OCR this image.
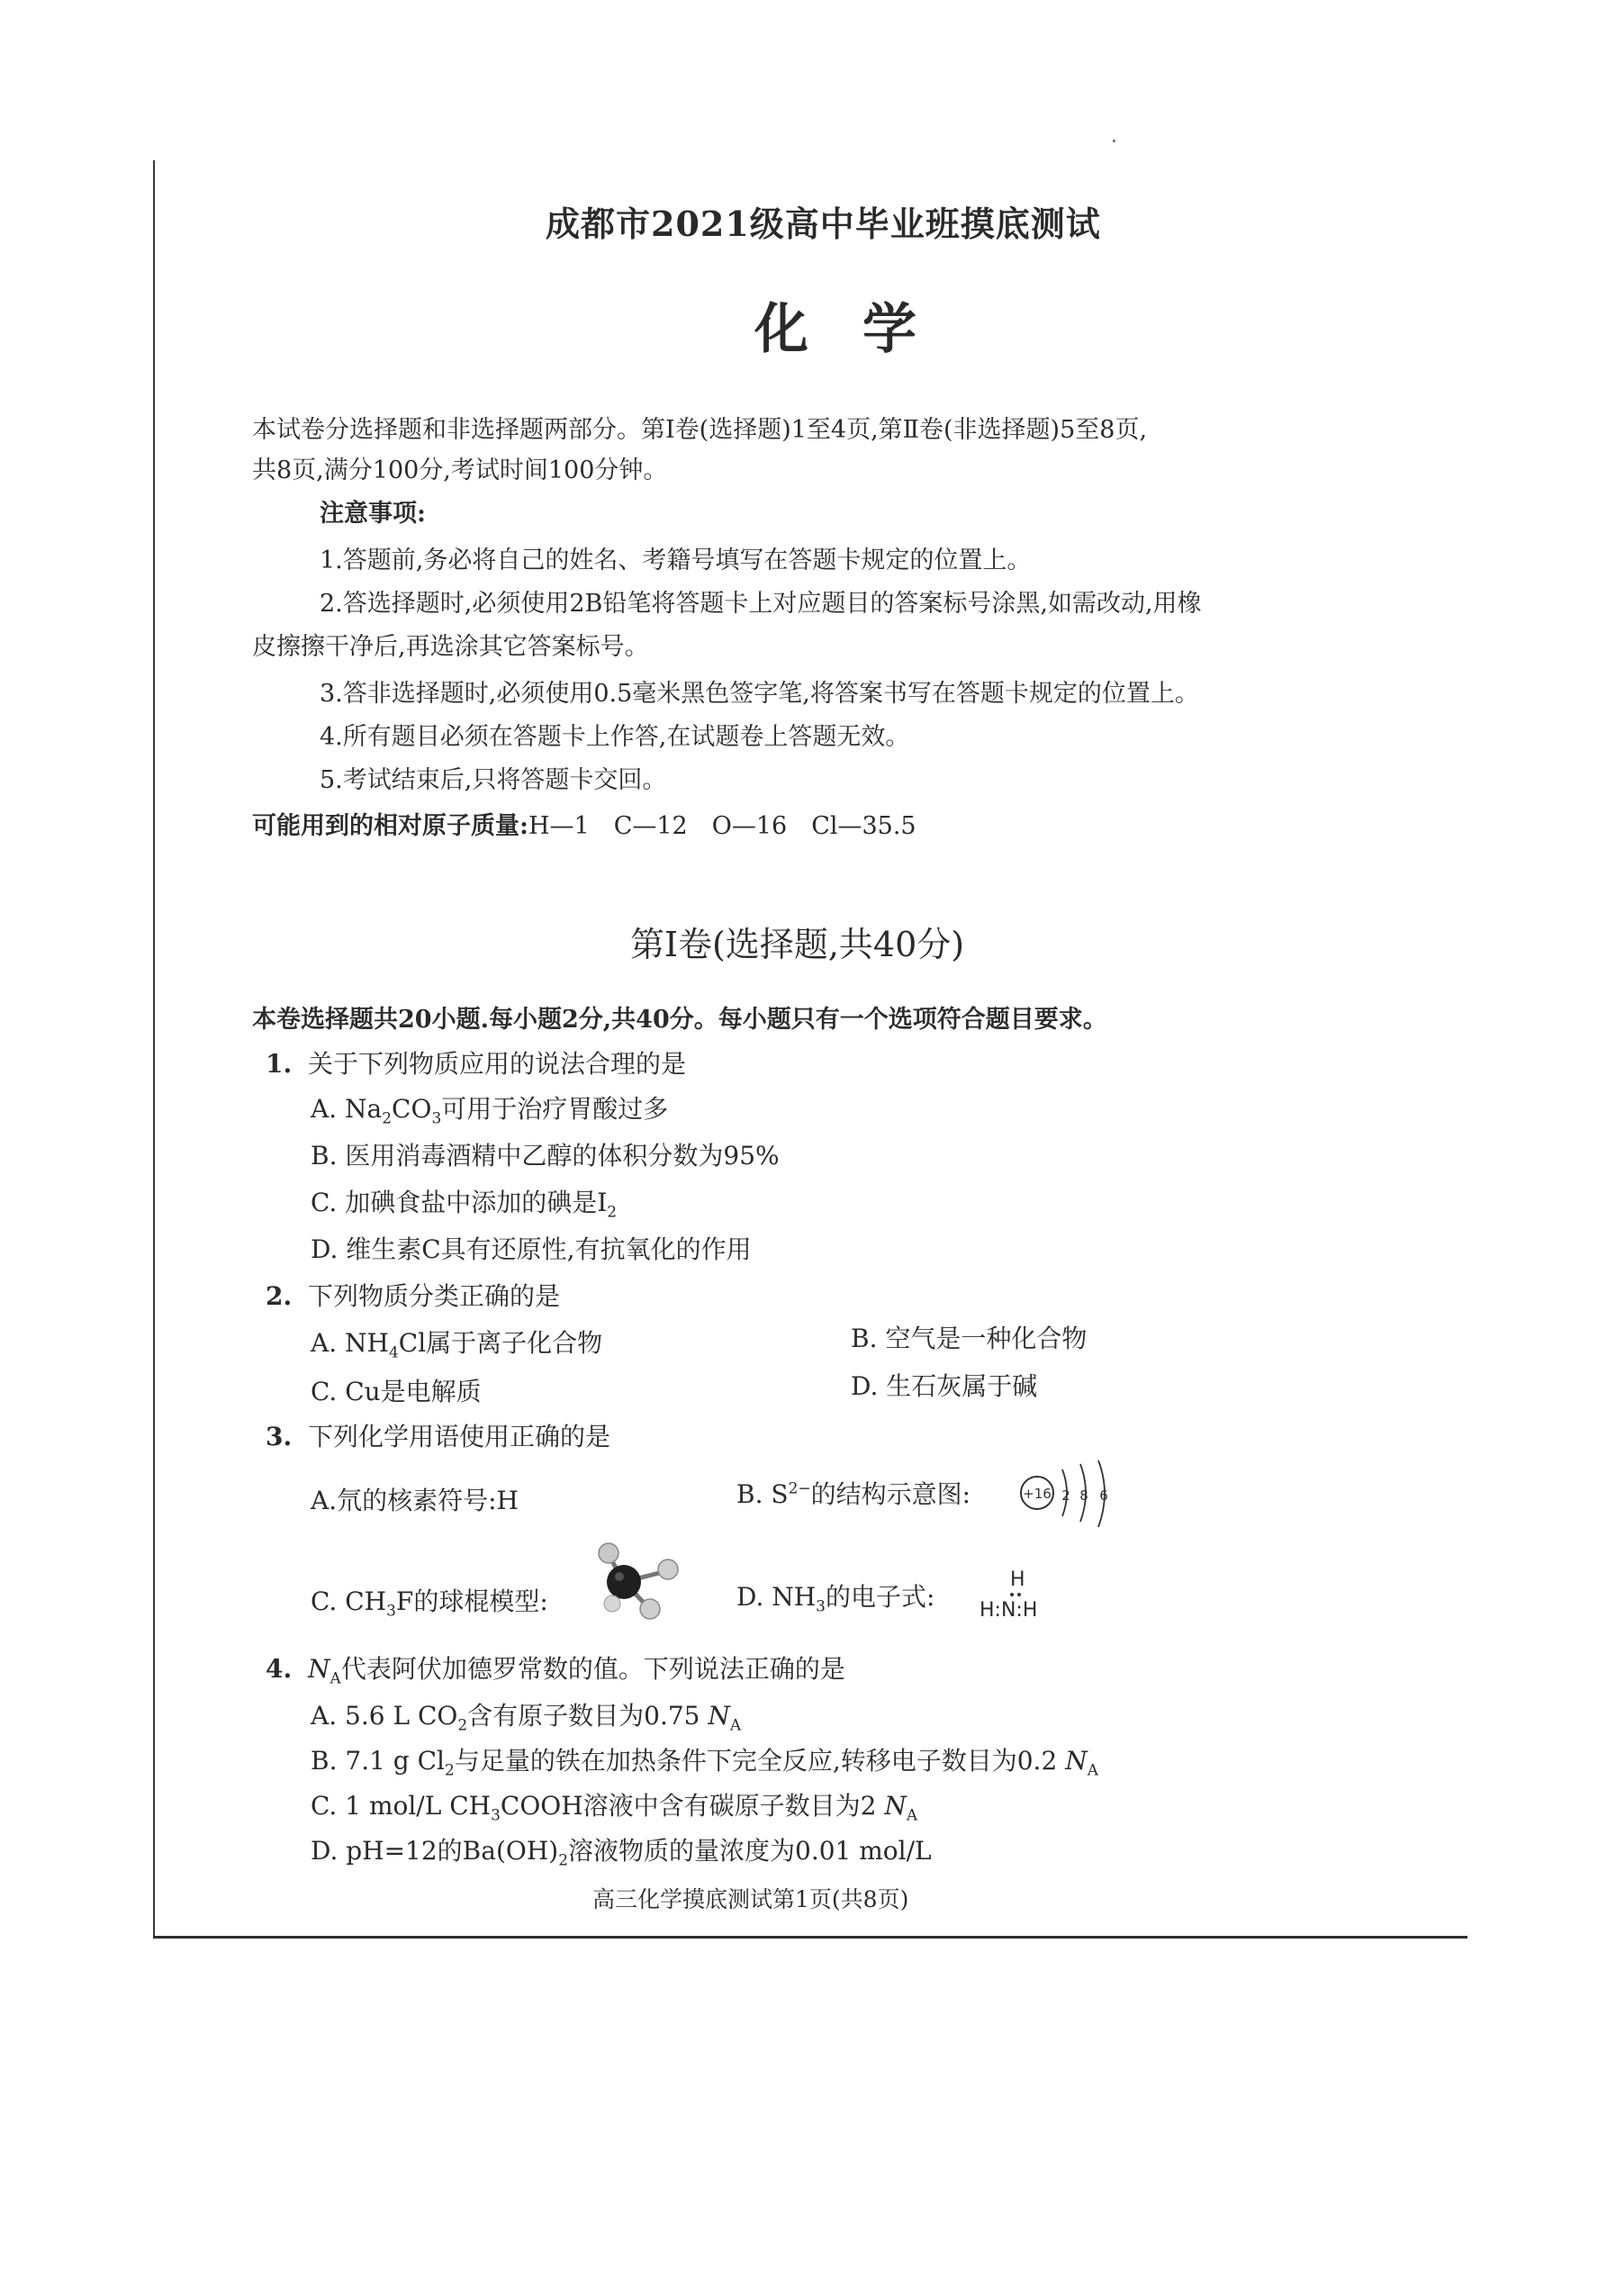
成都市2021级高中毕业班摸底测试
化学
本试卷分选择题和非选择题两部分。第Ⅰ卷(选择题)1至4页,第Ⅱ卷(非选择题)5至8页,
共8页,满分100分,考试时间100分钟。
注意事项:
1.答题前,务必将自己的姓名、考籍号填写在答题卡规定的位置上。
2.答选择题时,必须使用2B铅笔将答题卡上对应题目的答案标号涂黑,如需改动,用橡
皮擦擦干净后,再选涂其它答案标号。
3.答非选择题时,必须使用0.5毫米黑色签字笔,将答案书写在答题卡规定的位置上。
4.所有题目必须在答题卡上作答,在试题卷上答题无效。
5.考试结束后,只将答题卡交回。
可能用到的相对原子质量:H—1　C—12　O—16　Cl—35.5
第Ⅰ卷(选择题,共40分)
本卷选择题共20小题.每小题2分,共40分。每小题只有一个选项符合题目要求。
1. 关于下列物质应用的说法合理的是
A. $Na_2CO_3$可用于治疗胃酸过多
B. 医用消毒酒精中乙醇的体积分数为95%
C. 加碘食盐中添加的碘是$I_2$
D. 维生素C具有还原性,有抗氧化的作用
2. 下列物质分类正确的是
A. $NH_4Cl$属于离子化合物	B. 空气是一种化合物
C. Cu是电解质	D. 生石灰属于碱
3. 下列化学用语使用正确的是
A.氘的核素符号:H	B. $S^{2-}$的结构示意图:	+16 2 8 6
C. $CH_3F$的球棍模型:	D. $NH_3$的电子式:
H
H:N:H
4. $N_A$代表阿伏加德罗常数的值。下列说法正确的是
A. 5.6 L $CO_2$含有原子数目为0.75 $N_A$
B. 7.1 g $Cl_2$与足量的铁在加热条件下完全反应,转移电子数目为0.2 $N_A$
C. 1 mol/L $CH_3COOH$溶液中含有碳原子数目为2 $N_A$
D. pH=12的$Ba(OH)_2$溶液物质的量浓度为0.01 mol/L
高三化学摸底测试第1页(共8页)
